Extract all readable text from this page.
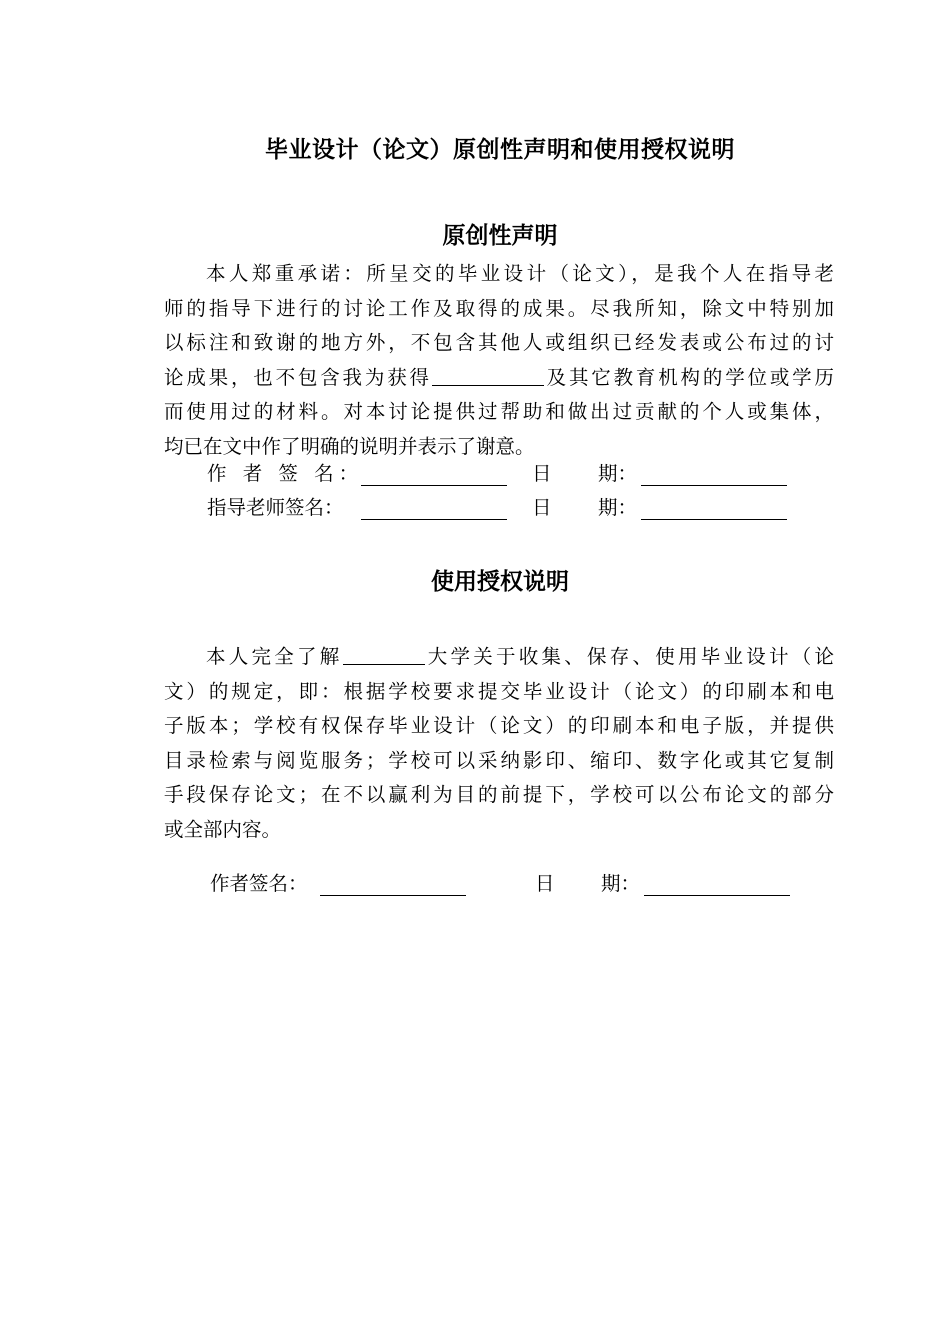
毕业设计（论文）原创性声明和使用授权说明
原创性声明
本人郑重承诺：所呈交的毕业设计（论文），是我个人在指导老
师的指导下进行的讨论工作及取得的成果。尽我所知，除文中特别加
以标注和致谢的地方外，不包含其他人或组织已经发表或公布过的讨
论成果，也不包含我为获得	及其它教育机构的学位或学历
而使用过的材料。对本讨论提供过帮助和做出过贡献的个人或集体，
均已在文中作了明确的说明并表示了谢意。
作 者 签 名：	日 期：
指导老师签名：	日 期：
使用授权说明
本人完全了解	大学关于收集、保存、使用毕业设计（论
文）的规定，即：根据学校要求提交毕业设计（论文）的印刷本和电
子版本；学校有权保存毕业设计（论文）的印刷本和电子版，并提供
目录检索与阅览服务；学校可以采纳影印、缩印、数字化或其它复制
手段保存论文；在不以赢利为目的前提下，学校可以公布论文的部分
或全部内容。
作者签名：	日 期：
